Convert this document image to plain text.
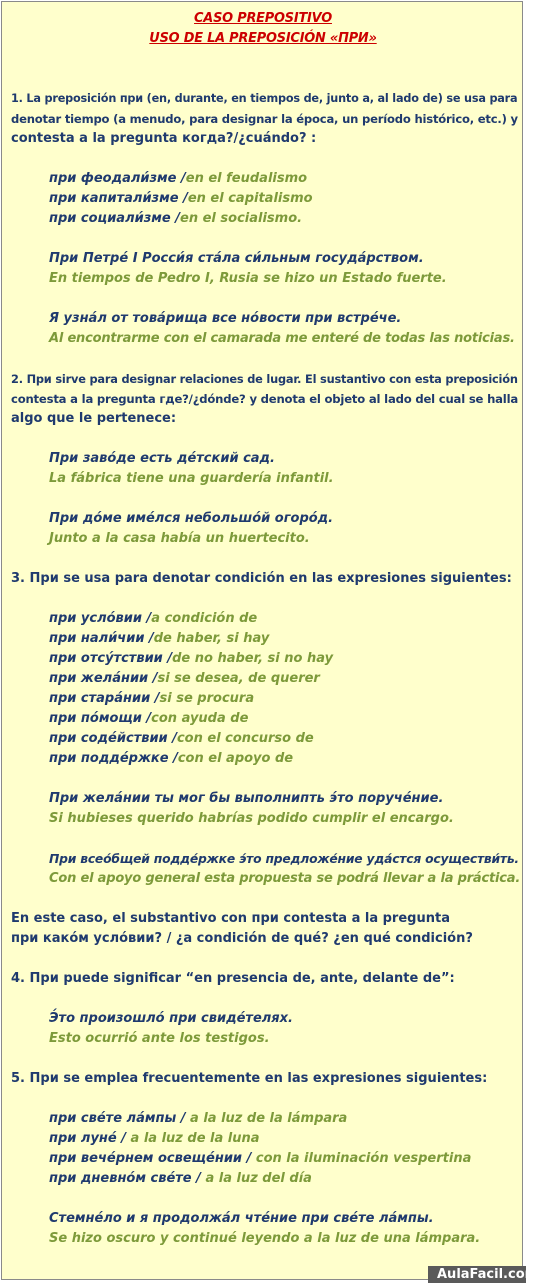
CASO PREPOSITIVO
USO DE LA PREPOSICIÓN «ПРИ»
1. La preposición при (en, durante, en tiempos de, junto a, al lado de) se usa para
denotar tiempo (a menudo, para designar la época, un período histórico, etc.) y
contesta a la pregunta когда?/¿cuándo? :
при феодали́зме /en el feudalismo
при капитали́зме /en el capitalismo
при социали́зме /en el socialismo.
При Петре́ I Росси́я ста́ла си́льным госуда́рством.
En tiempos de Pedro I, Rusia se hizo un Estado fuerte.
Я узна́л от това́рища все но́вости при встре́че.
Al encontrarme con el camarada me enteré de todas las noticias.
2. При sirve para designar relaciones de lugar. El sustantivo con esta preposición
contesta a la pregunta где?/¿dónde? y denota el objeto al lado del cual se halla
algo que le pertenece:
При заво́де есть де́тский сад.
La fábrica tiene una guardería infantil.
При до́ме име́лся небольшо́й огоро́д.
Junto a la casa había un huertecito.
3. При se usa para denotar condición en las expresiones siguientes:
при усло́вии /a condición de
при нали́чии /de haber, si hay
при отсу́тствии /de no haber, si no hay
при жела́нии /si se desea, de querer
при стара́нии /si se procura
при по́мощи /con ayuda de
при соде́йствии /con el concurso de
при подде́ржке /con el apoyo de
При жела́нии ты мог бы выполнипть э́то поруче́ние.
Si hubieses querido habrías podido cumplir el encargo.
При всео́бщей подде́ржке э́то предложе́ние уда́стся осуществи́ть.
Con el apoyo general esta propuesta se podrá llevar a la práctica.
En este caso, el substantivo con при contesta a la pregunta
при како́м усло́вии? / ¿a condición de qué? ¿en qué condición?
4. При puede significar “en presencia de, ante, delante de”:
Э́то произошло́ при свиде́телях.
Esto ocurrió ante los testigos.
5. При se emplea frecuentemente en las expresiones siguientes:
при све́те ла́мпы / a la luz de la lámpara
при луне́ / a la luz de la luna
при вече́рнем освеще́нии / con la iluminación vespertina
при дневно́м све́те / a la luz del día
Стемне́ло и я продолжа́л чте́ние при све́те ла́мпы.
Se hizo oscuro y continué leyendo a la luz de una lámpara.
AulaFacil.com
